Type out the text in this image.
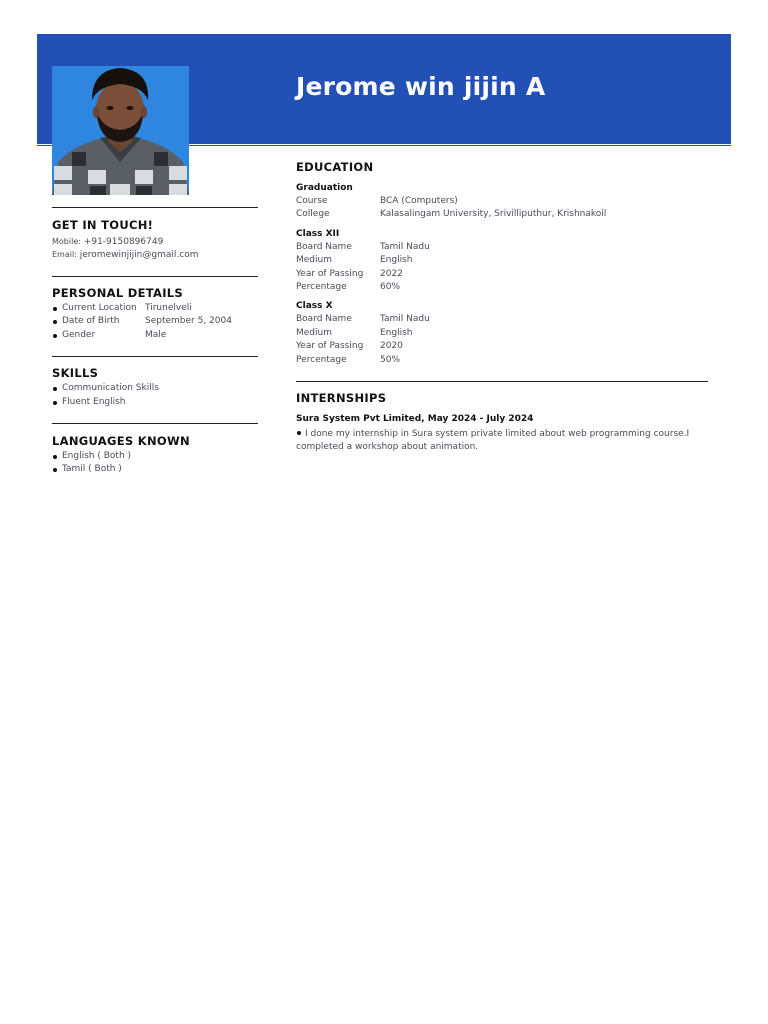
Jerome win jijin A
GET IN TOUCH!
Mobile: +91-9150896749
Email: jeromewinjijin@gmail.com
PERSONAL DETAILS
Current Location Tirunelveli
Date of Birth	September 5, 2004
Gender	Male
SKILLS
Communication Skills
Fluent English
LANGUAGES KNOWN
English ( Both )
Tamil ( Both )
EDUCATION
Graduation
Course	BCA (Computers)
College	Kalasalingam University, Srivilliputhur, Krishnakoil
Class XII
Board Name	Tamil Nadu
Medium	English
Year of Passing 2022
Percentage	60%
Class X
Board Name	Tamil Nadu
Medium	English
Year of Passing 2020
Percentage	50%
INTERNSHIPS
Sura System Pvt Limited, May 2024 - July 2024

I done my internship in Sura system private limited about web programming course.I completed a workshop about animation.
